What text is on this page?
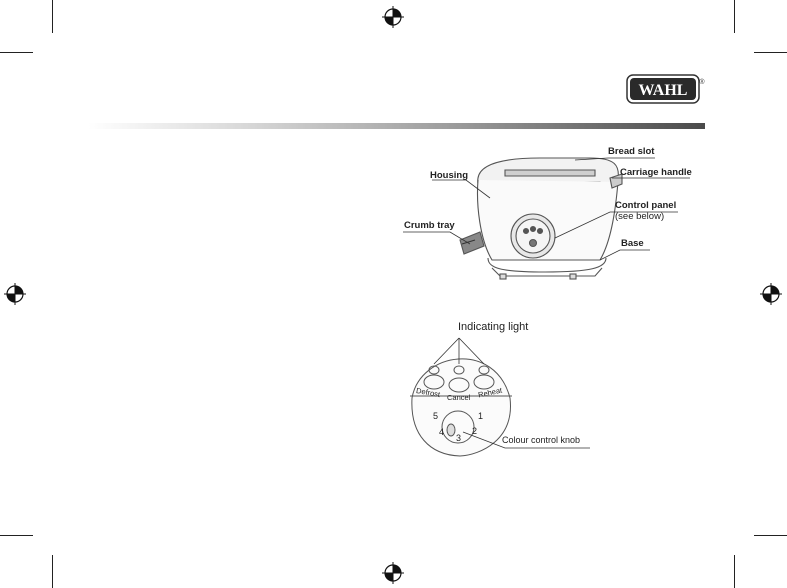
WAHL ®
Bread slot
Carriage handle
Housing
Control panel
(see below)
Crumb tray
Base
Indicating light
Defrost Cancel Reheat
Colour control knob
1
2
3
4
5
